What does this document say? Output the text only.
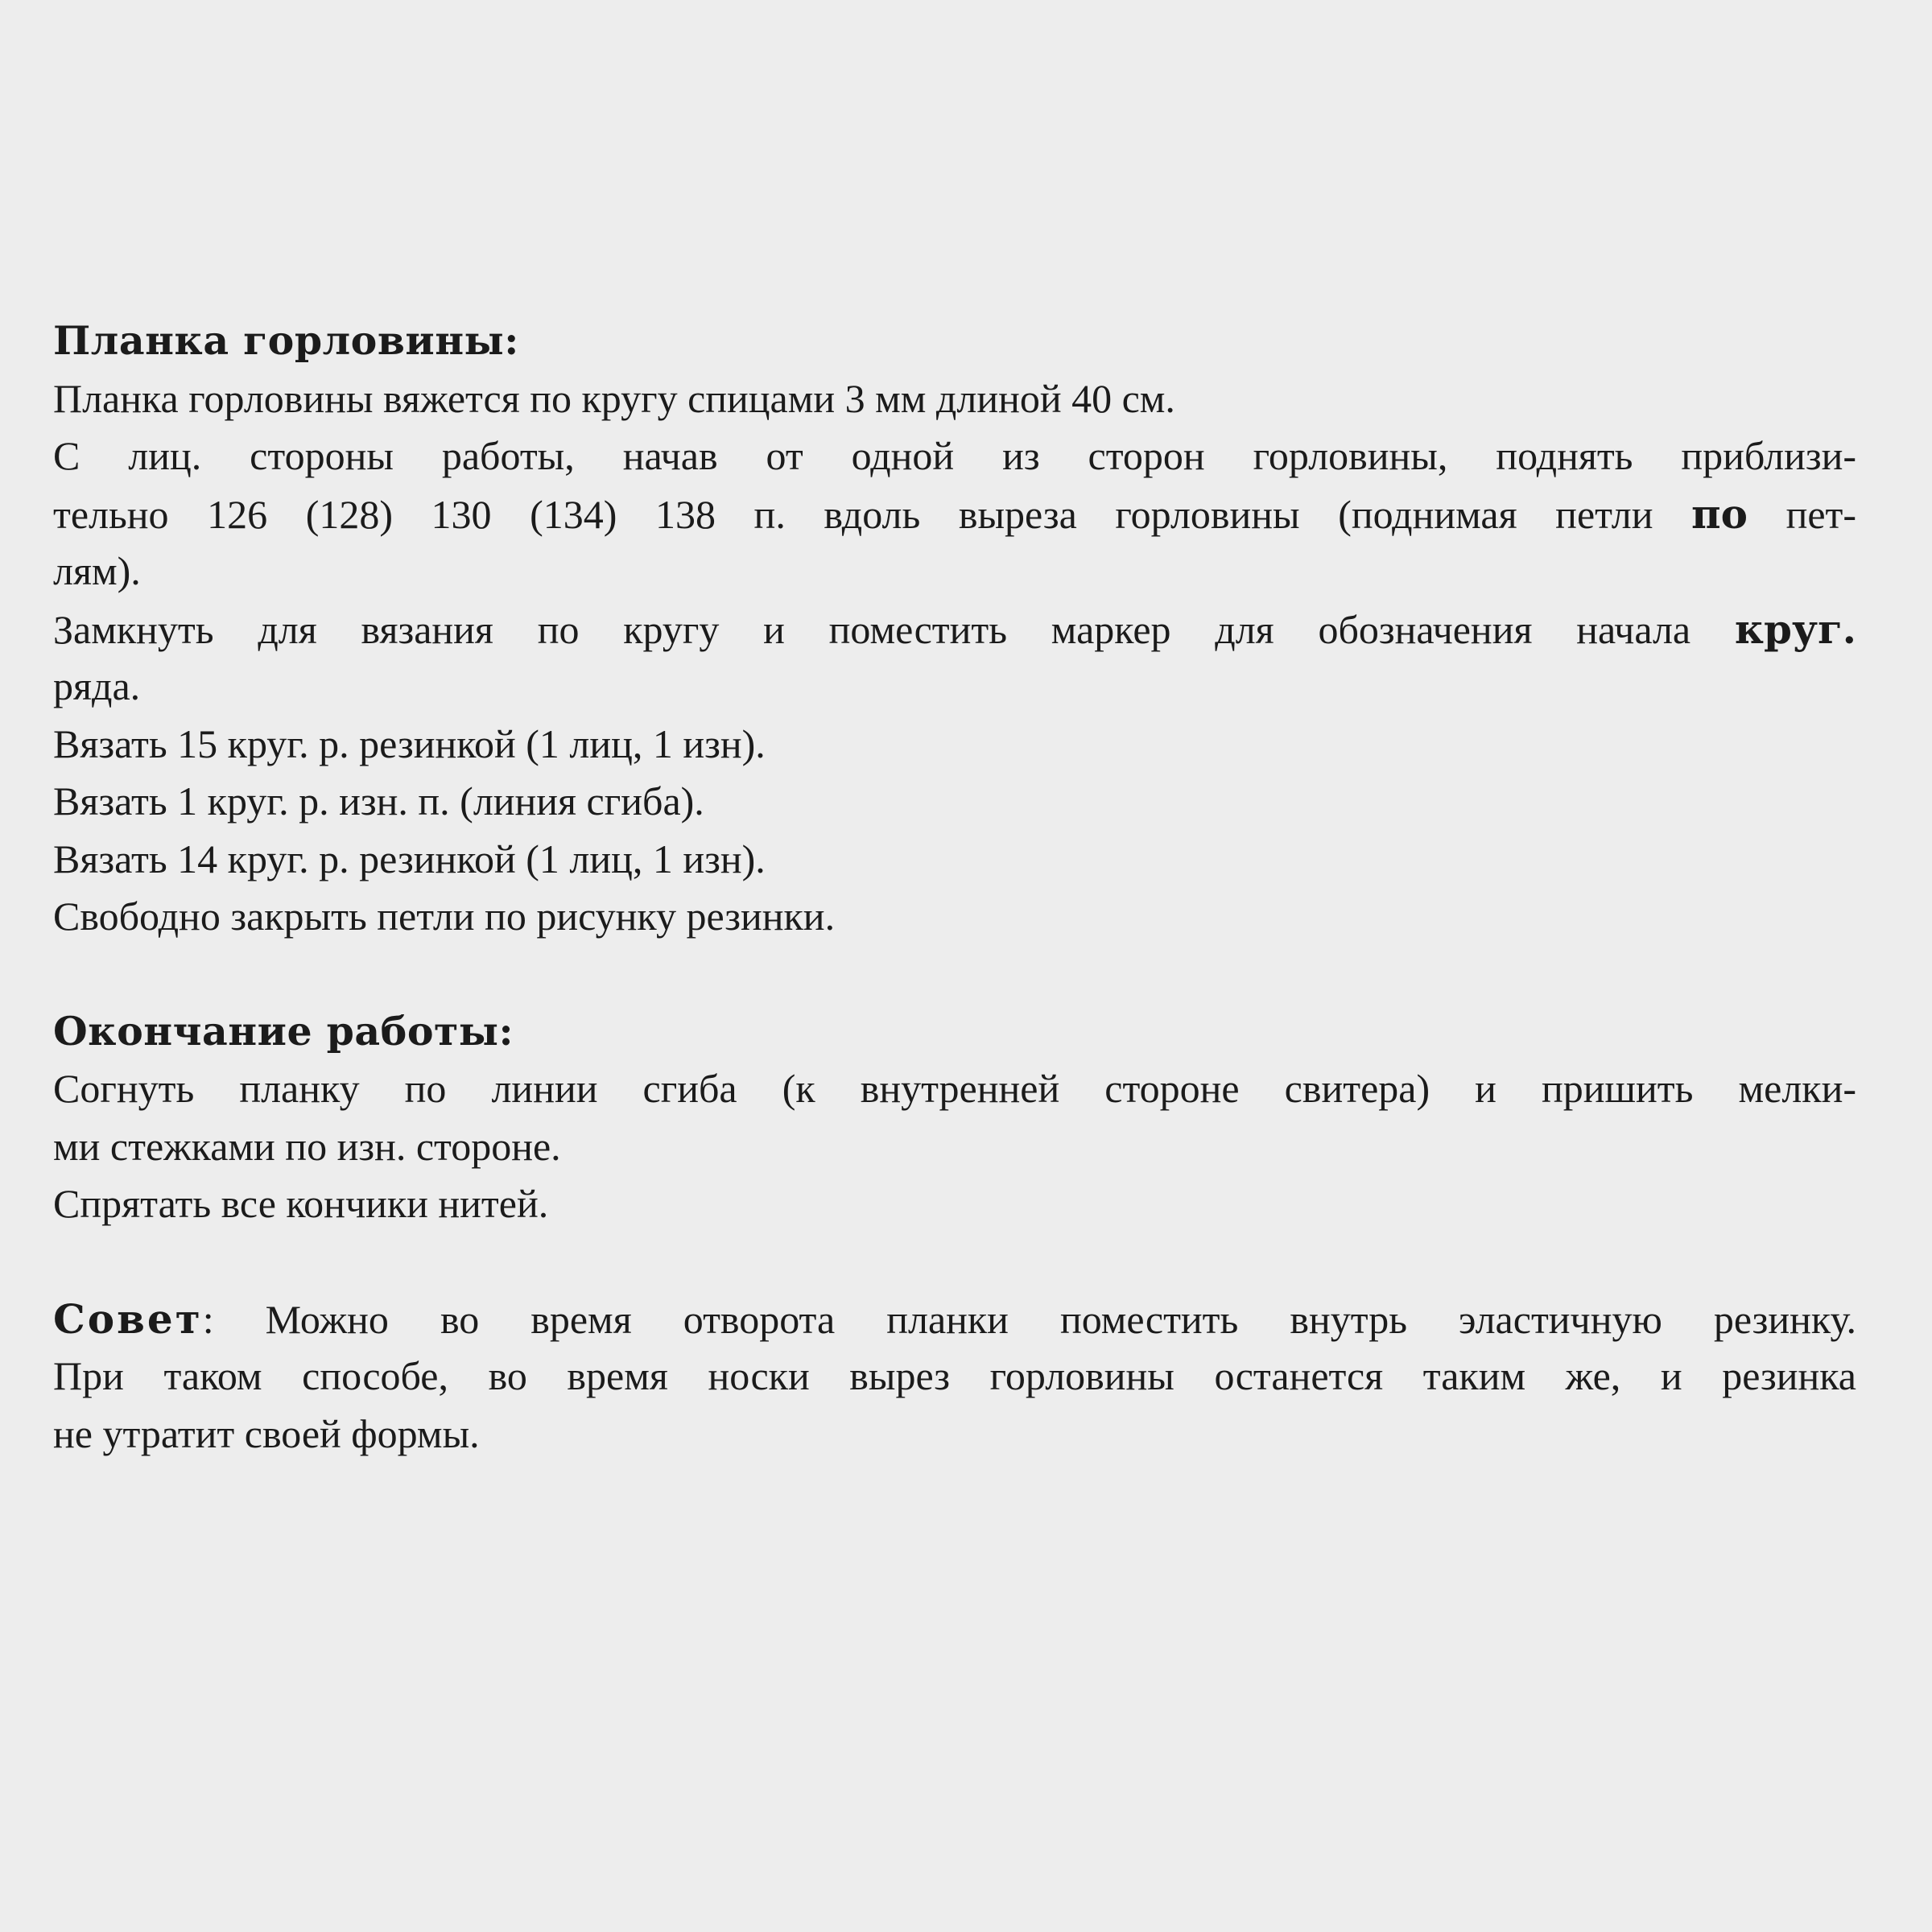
Планка горловины:
Планка горловины вяжется по кругу спицами 3 мм длиной 40 см.
С лиц. стороны работы, начав от одной из сторон горловины, поднять приблизи-
тельно 126 (128) 130 (134) 138 п. вдоль выреза горловины (поднимая петли по пет-
лям).
Замкнуть для вязания по кругу и поместить маркер для обозначения начала круг.
ряда.
Вязать 15 круг. р. резинкой (1 лиц, 1 изн).
Вязать 1 круг. р. изн. п. (линия сгиба).
Вязать 14 круг. р. резинкой (1 лиц, 1 изн).
Свободно закрыть петли по рисунку резинки.
Окончание работы:
Согнуть планку по линии сгиба (к внутренней стороне свитера) и пришить мелки-
ми стежками по изн. стороне.
Спрятать все кончики нитей.
Совет: Можно во время отворота планки поместить внутрь эластичную резинку.
При таком способе, во время носки вырез горловины останется таким же, и резинка
не утратит своей формы.
